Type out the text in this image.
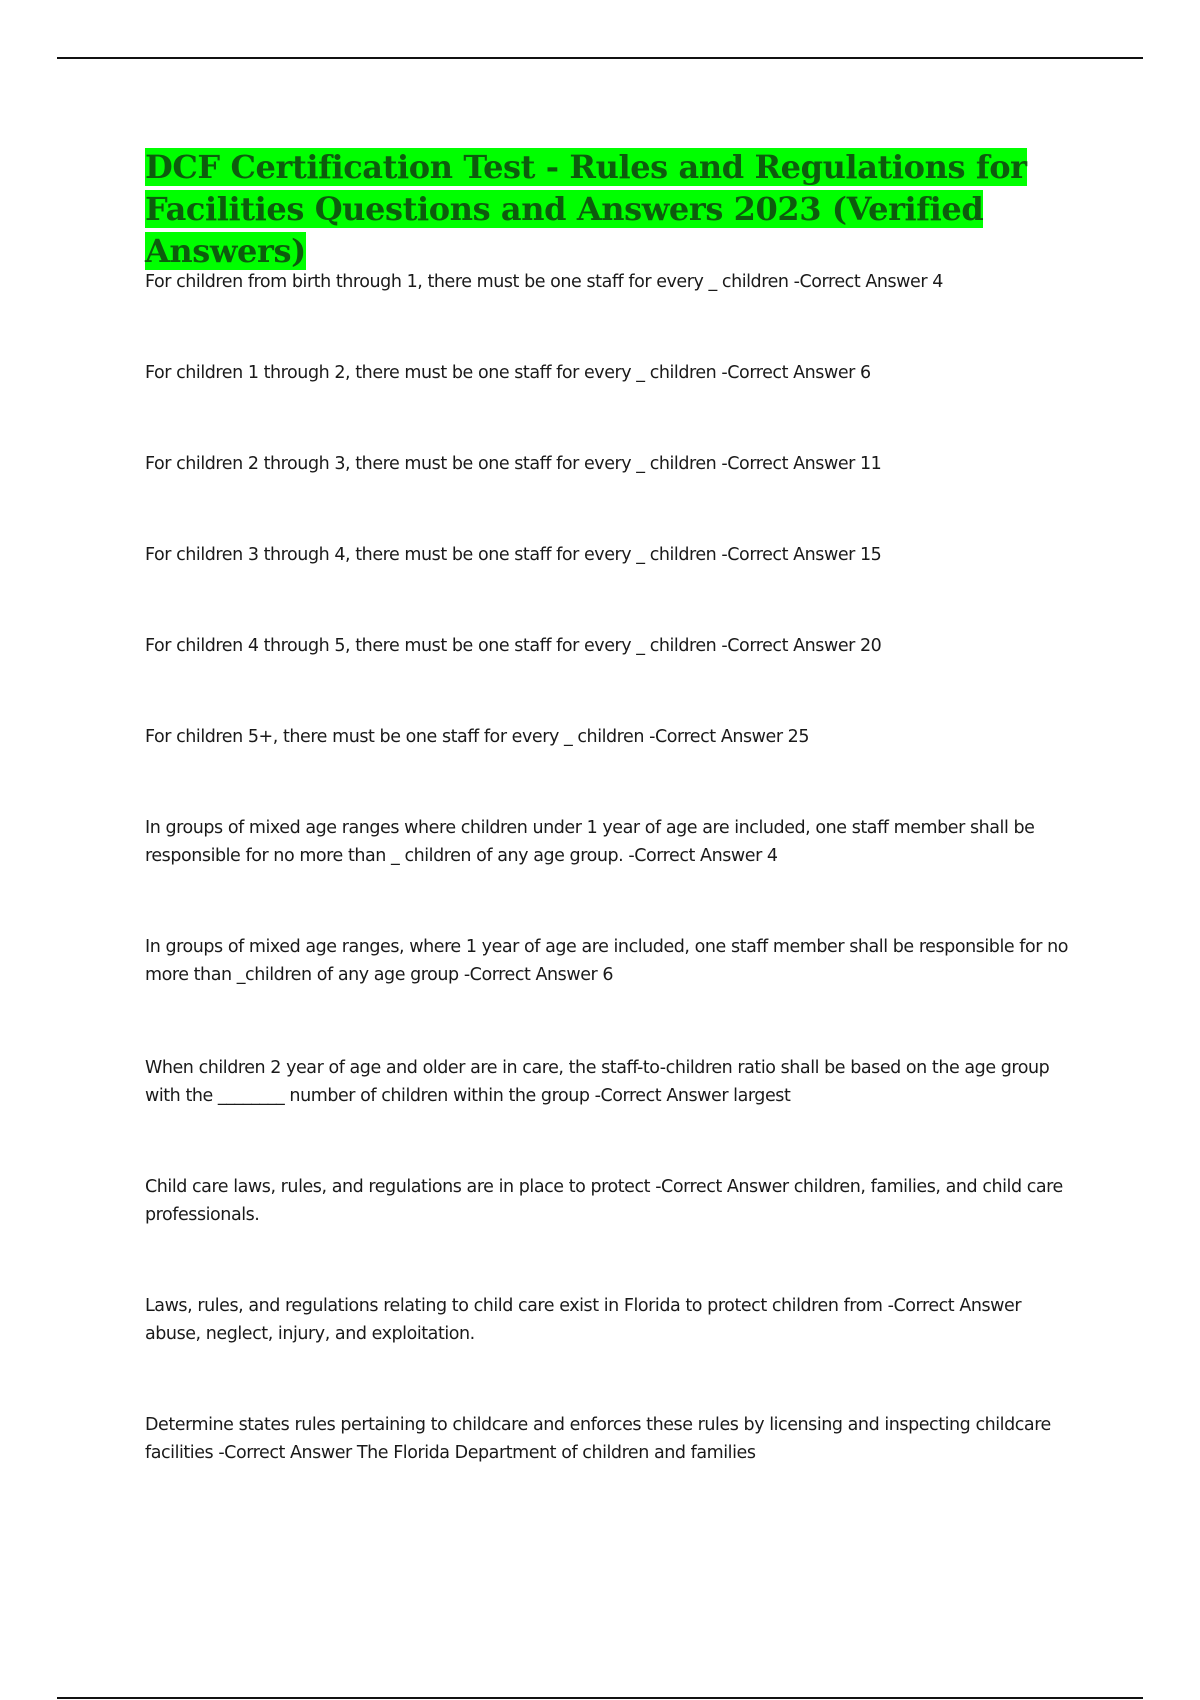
DCF Certification Test - Rules and Regulations for Facilities Questions and Answers 2023 (Verified Answers)
For children from birth through 1, there must be one staff for every _ children -Correct Answer 4
For children 1 through 2, there must be one staff for every _ children -Correct Answer 6
For children 2 through 3, there must be one staff for every _ children -Correct Answer 11
For children 3 through 4, there must be one staff for every _ children -Correct Answer 15
For children 4 through 5, there must be one staff for every _ children -Correct Answer 20
For children 5+, there must be one staff for every _ children -Correct Answer 25
In groups of mixed age ranges where children under 1 year of age are included, one staff member shall be responsible for no more than _ children of any age group. -Correct Answer 4
In groups of mixed age ranges, where 1 year of age are included, one staff member shall be responsible for no more than _children of any age group -Correct Answer 6
When children 2 year of age and older are in care, the staff-to-children ratio shall be based on the age group with the ________ number of children within the group -Correct Answer largest
Child care laws, rules, and regulations are in place to protect -Correct Answer children, families, and child care professionals.
Laws, rules, and regulations relating to child care exist in Florida to protect children from -Correct Answer abuse, neglect, injury, and exploitation.
Determine states rules pertaining to childcare and enforces these rules by licensing and inspecting childcare facilities -Correct Answer The Florida Department of children and families
